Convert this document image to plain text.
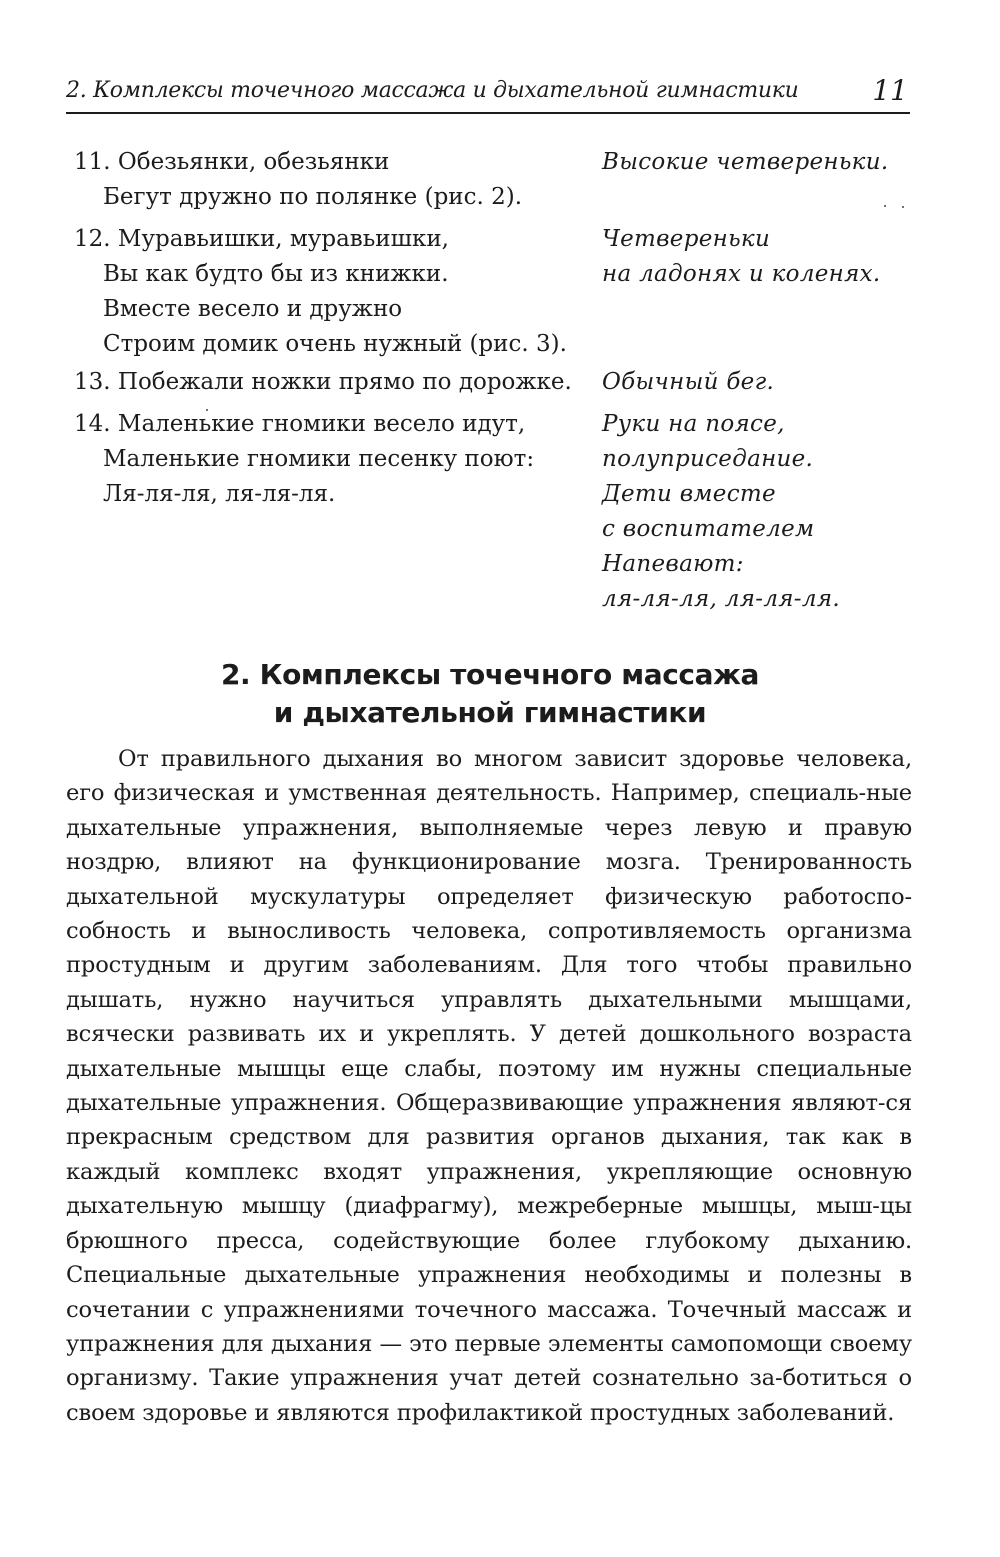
2. Комплексы точечного массажа и дыхательной гимнастики	11
11. Обезьянки, обезьянки
Бегут дружно по полянке (рис. 2).
Высокие четвереньки.
12. Муравьишки, муравьишки,
Вы как будто бы из книжки.
Вместе весело и дружно
Строим домик очень нужный (рис. 3).
Четвереньки
на ладонях и коленях.
13. Побежали ножки прямо по дорожке.	Обычный бег.
14. Маленькие гномики весело идут,
Маленькие гномики песенку поют:
Ля-ля-ля, ля-ля-ля.
Руки на поясе,
полуприседание.
Дети вместе
с воспитателем
Напевают:
ля-ля-ля, ля-ля-ля.
2. Комплексы точечного массажа
и дыхательной гимнастики

От правильного дыхания во многом зависит здоровье человека, его физическая и умственная деятельность. Например, специаль-ные дыхательные упражнения, выполняемые через левую и правую ноздрю, влияют на функционирование мозга. Тренированность дыхательной мускулатуры определяет физическую работоспо-собность и выносливость человека, сопротивляемость организма простудным и другим заболеваниям. Для того чтобы правильно дышать, нужно научиться управлять дыхательными мышцами, всячески развивать их и укреплять. У детей дошкольного возраста дыхательные мышцы еще слабы, поэтому им нужны специальные дыхательные упражнения. Общеразвивающие упражнения являют-ся прекрасным средством для развития органов дыхания, так как в каждый комплекс входят упражнения, укрепляющие основную дыхательную мышцу (диафрагму), межреберные мышцы, мыш-цы брюшного пресса, содействующие более глубокому дыханию. Специальные дыхательные упражнения необходимы и полезны в сочетании с упражнениями точечного массажа. Точечный массаж и упражнения для дыхания — это первые элементы самопомощи своему организму. Такие упражнения учат детей сознательно за-ботиться о своем здоровье и являются профилактикой простудных заболеваний.
